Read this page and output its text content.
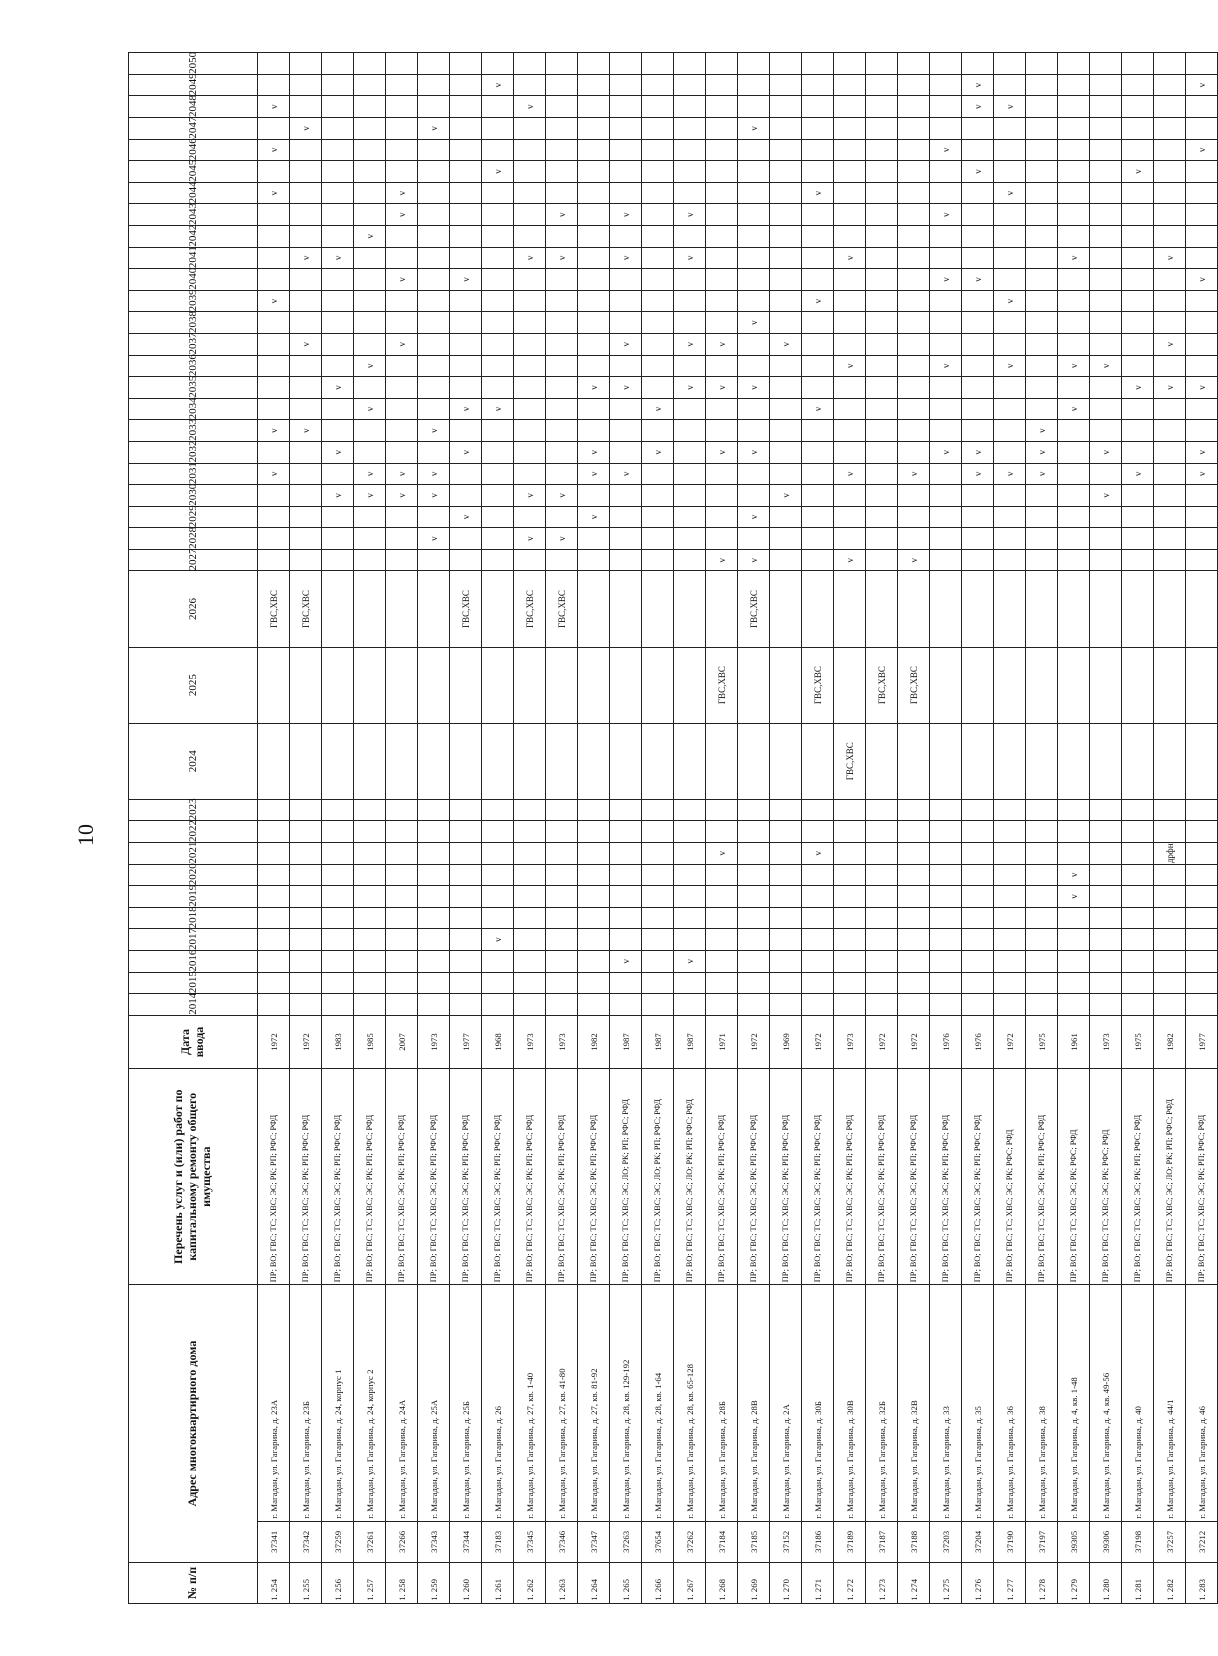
10
№ п/п	Адрес многоквартирного дома		Перечень услуг и (или) работ по капитальному ремонту общего имущества	Дата ввода	2014	2015	2016	2017	2018	2019	2020	2021	2022	2023	2024	2025	2026	2027	2028	2029	2030	2031	2032	2033	2034	2035	2036	2037	2038	2039	2040	2041	2042	2043	2044	2045	2046	2047	2048	2049	2050
1. 254	37341	г. Магадан, ул. Гагарина, д. 23А	ПР; ВО; ГВС; ТС; ХВС; ЭС; РК; РП; РФС; РФД	1972													ГВС,ХВС					v		v						v					v		v		v		
1. 255	37342	г. Магадан, ул. Гагарина, д. 23Б	ПР; ВО; ГВС; ТС; ХВС; ЭС; РК; РП; РФС; РФД	1972													ГВС,ХВС							v				v				v						v			
1. 256	37259	г. Магадан, ул. Гагарина, д. 24, корпус 1	ПР; ВО; ГВС; ТС; ХВС; ЭС; РК; РП; РФС; РФД	1983																	v		v			v						v									
1. 257	37261	г. Магадан, ул. Гагарина, д. 24, корпус 2	ПР; ВО; ГВС; ТС; ХВС; ЭС; РК; РП; РФС; РФД	1985																	v	v			v		v						v								
1. 258	37266	г. Магадан, ул. Гагарина, д. 24А	ПР; ВО; ГВС; ТС; ХВС; ЭС; РК; РП; РФС; РФД	2007																	v	v						v			v			v	v						
1. 259	37343	г. Магадан, ул. Гагарина, д. 25А	ПР; ВО; ГВС; ТС; ХВС; ЭС; РК; РП; РФС; РФД	1973															v		v	v		v														v			
1. 260	37344	г. Магадан, ул. Гагарина, д. 25Б	ПР; ВО; ГВС; ТС; ХВС; ЭС; РК; РП; РФС; РФД	1977													ГВС,ХВС			v			v		v						v										
1. 261	37183	г. Магадан, ул. Гагарина, д. 26	ПР; ВО; ГВС; ТС; ХВС; ЭС; РК; РП; РФС; РФД	1968				v																	v											v				v	
1. 262	37345	г. Магадан, ул. Гагарина, д. 27, кв. 1-40	ПР; ВО; ГВС; ТС; ХВС; ЭС; РК; РП; РФС; РФД	1973													ГВС,ХВС		v		v											v							v		
1. 263	37346	г. Магадан, ул. Гагарина, д. 27, кв. 41-80	ПР; ВО; ГВС; ТС; ХВС; ЭС; РК; РП; РФС; РФД	1973													ГВС,ХВС		v		v											v		v							
1. 264	37347	г. Магадан, ул. Гагарина, д. 27, кв. 81-92	ПР; ВО; ГВС; ТС; ХВС; ЭС; РК; РП; РФС; РФД	1982																v		v	v			v															
1. 265	37263	г. Магадан, ул. Гагарина, д. 28, кв. 129-192	ПР; ВО; ГВС; ТС; ХВС; ЭС; ЛО; РК; РП; РФС; РФД	1987			v															v				v		v				v		v							
1. 266	37654	г. Магадан, ул. Гагарина, д. 28, кв. 1-64	ПР; ВО; ГВС; ТС; ХВС; ЭС; ЛО; РК; РП; РФС; РФД	1987																			v		v																
1. 267	37262	г. Магадан, ул. Гагарина, д. 28, кв. 65-128	ПР; ВО; ГВС; ТС; ХВС; ЭС; ЛО; РК; РП; РФС; РФД	1987			v																			v		v				v		v							
1. 268	37184	г. Магадан, ул. Гагарина, д. 28Б	ПР; ВО; ГВС; ТС; ХВС; ЭС; РК; РП; РФС; РФД	1971								v				ГВС,ХВС		v					v			v		v													
1. 269	37185	г. Магадан, ул. Гагарина, д. 28В	ПР; ВО; ГВС; ТС; ХВС; ЭС; РК; РП; РФС; РФД	1972													ГВС,ХВС	v		v			v			v			v									v			
1. 270	37152	г. Магадан, ул. Гагарина, д. 2А	ПР; ВО; ГВС; ТС; ХВС; ЭС; РК; РП; РФС; РФД	1969																	v							v													
1. 271	37186	г. Магадан, ул. Гагарина, д. 30Б	ПР; ВО; ГВС; ТС; ХВС; ЭС; РК; РП; РФС; РФД	1972								v				ГВС,ХВС									v					v					v						
1. 272	37189	г. Магадан, ул. Гагарина, д. 30В	ПР; ВО; ГВС; ТС; ХВС; ЭС; РК; РП; РФС; РФД	1973											ГВС,ХВС			v				v					v					v									
1. 273	37187	г. Магадан, ул. Гагарина, д. 32Б	ПР; ВО; ГВС; ТС; ХВС; ЭС; РК; РП; РФС; РФД	1972												ГВС,ХВС																									
1. 274	37188	г. Магадан, ул. Гагарина, д. 32В	ПР; ВО; ГВС; ТС; ХВС; ЭС; РК; РП; РФС; РФД	1972												ГВС,ХВС		v				v																			
1. 275	37203	г. Магадан, ул. Гагарина, д. 33	ПР; ВО; ГВС; ТС; ХВС; ЭС; РК; РП; РФС; РФД	1976																			v				v				v			v			v				
1. 276	37204	г. Магадан, ул. Гагарина, д. 35	ПР; ВО; ГВС; ТС; ХВС; ЭС; РК; РП; РФС; РФД	1976																		v	v								v					v			v	v	
1. 277	37190	г. Магадан, ул. Гагарина, д. 36	ПР; ВО; ГВС; ТС; ХВС; ЭС; РК; РФС; РФД	1972																		v					v			v					v				v		
1. 278	37197	г. Магадан, ул. Гагарина, д. 38	ПР; ВО; ГВС; ТС; ХВС; ЭС; РК; РП; РФС; РФД	1975																		v	v	v																	
1. 279	39305	г. Магадан, ул. Гагарина, д. 4, кв. 1-48	ПР; ВО; ГВС; ТС; ХВС; ЭС; РК; РФС; РФД	1961						v	v														v		v					v									
1. 280	39306	г. Магадан, ул. Гагарина, д. 4, кв. 49-56	ПР; ВО; ГВС; ТС; ХВС; ЭС; РК; РФС; РФД	1973																	v		v				v														
1. 281	37198	г. Магадан, ул. Гагарина, д. 40	ПР; ВО; ГВС; ТС; ХВС; ЭС; РК; РП; РФС; РФД	1975																		v				v										v					
1. 282	37257	г. Магадан, ул. Гагарина, д. 44/1	ПР; ВО; ГВС; ТС; ХВС; ЭС; ЛО; РК; РП; РФС; РФД	1982								дрфн														v		v				v									
1. 283	37212	г. Магадан, ул. Гагарина, д. 46	ПР; ВО; ГВС; ТС; ХВС; ЭС; РК; РП; РФС; РФД	1977																		v	v			v					v						v			v	
